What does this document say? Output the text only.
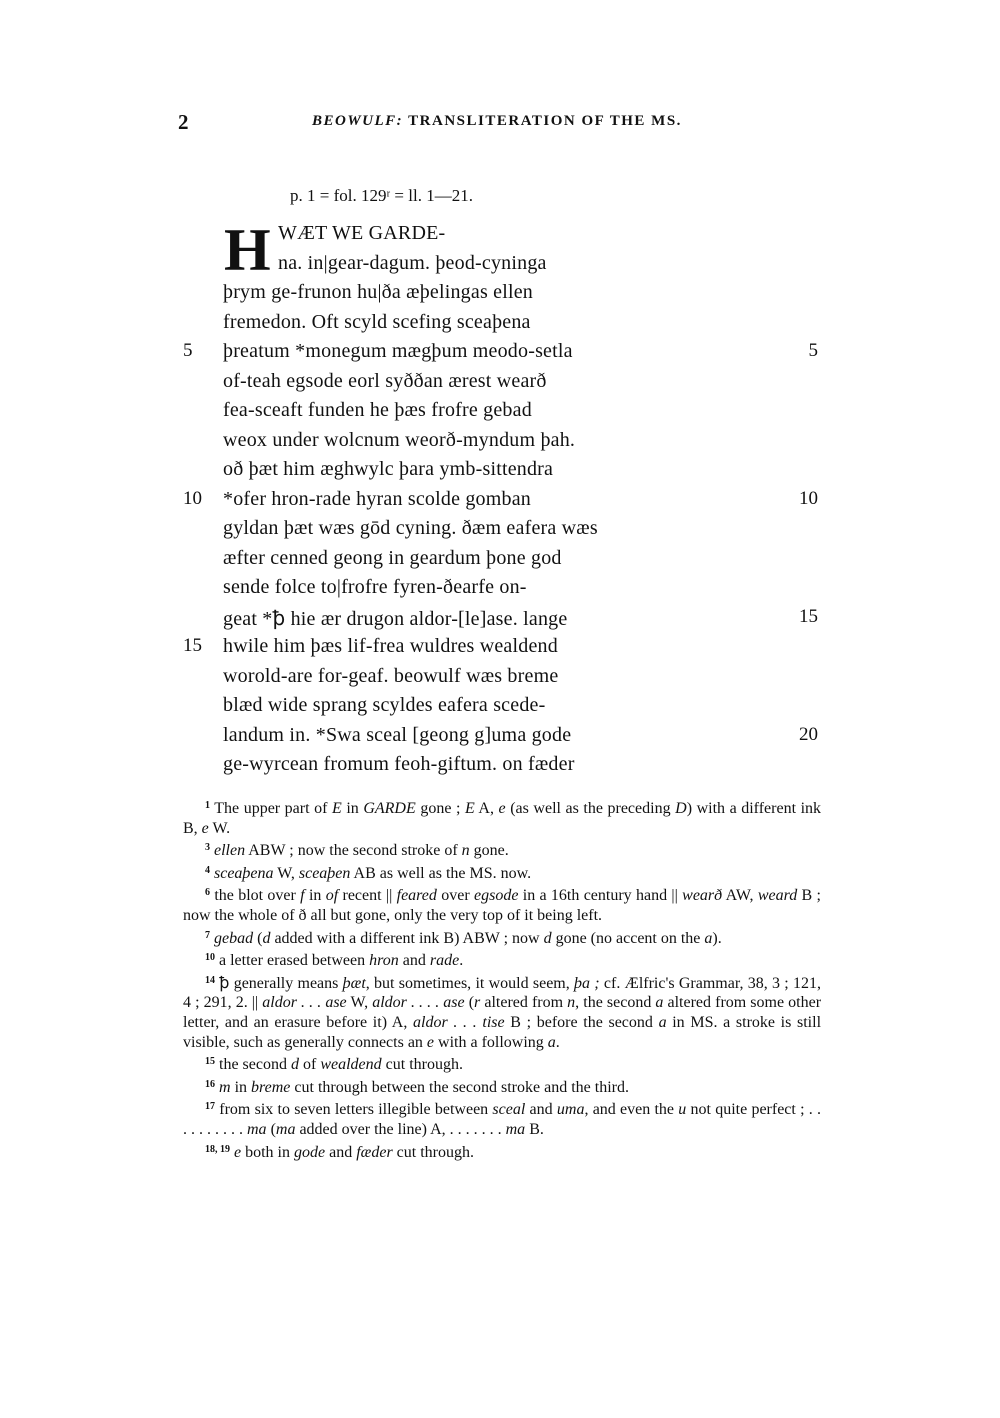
2	BEOWULF: TRANSLITERATION OF THE MS.
p. 1 = fol. 129ʳ = ll. 1—21.
H WÆT WE GARDE-
na. in|gear-dagum. þeod-cyninga
þrym ge-frunon hu|ða æþelingas ellen
fremedon. Oft scyld scefing sceaþena
þreatum *monegum mægþum meodo-setla
5	5
of-teah egsode eorl syððan ærest wearð
fea-sceaft funden he þæs frofre gebad
weox under wolcnum weorð-myndum þah.
oð þæt him æghwylc þara ymb-sittendra
*ofer hron-rade hyran scolde gomban
10	10
gyldan þæt wæs gōd cyning. ðæm eafera wæs
æfter cenned geong in geardum þone god
sende folce to|frofre fyren-ðearfe on-
geat *ꝥ hie ær drugon aldor-[le]ase. lange	15
hwile him þæs lif-frea wuldres wealdend
15
worold-are for-geaf. beowulf wæs breme
blæd wide sprang scyldes eafera scede-
landum in. *Swa sceal [geong g]uma gode	20
ge-wyrcean fromum feoh-giftum. on fæder

$^1$ The upper part of E in GARDE gone ; E A, e (as well as the preceding D) with a different ink B, e W.

$^3$ ellen ABW ; now the second stroke of n gone.

$^4$ sceaþena W, sceaþen AB as well as the MS. now.

$^6$ the blot over f in of recent || feared over egsode in a 16th century hand || wearð AW, weard B ; now the whole of ð all but gone, only the very top of it being left.

$^7$ gebad (d added with a different ink B) ABW ; now d gone (no accent on the a).

$^{10}$ a letter erased between hron and rade.

$^{14}$ ꝥ generally means þæt, but sometimes, it would seem, þa ; cf. Ælfric's Grammar, 38, 3 ; 121, 4 ; 291, 2. || aldor . . . ase W, aldor . . . . ase (r altered from n, the second a altered from some other letter, and an erasure before it) A, aldor . . . tise B ; before the second a in MS. a stroke is still visible, such as generally connects an e with a following a.

$^{15}$ the second d of wealdend cut through.

$^{16}$ m in breme cut through between the second stroke and the third.

$^{17}$ from six to seven letters illegible between sceal and uma, and even the u not quite perfect ; . . . . . . . . . . ma (ma added over the line) A, . . . . . . . ma B.

$^{18, 19}$ e both in gode and fæder cut through.
